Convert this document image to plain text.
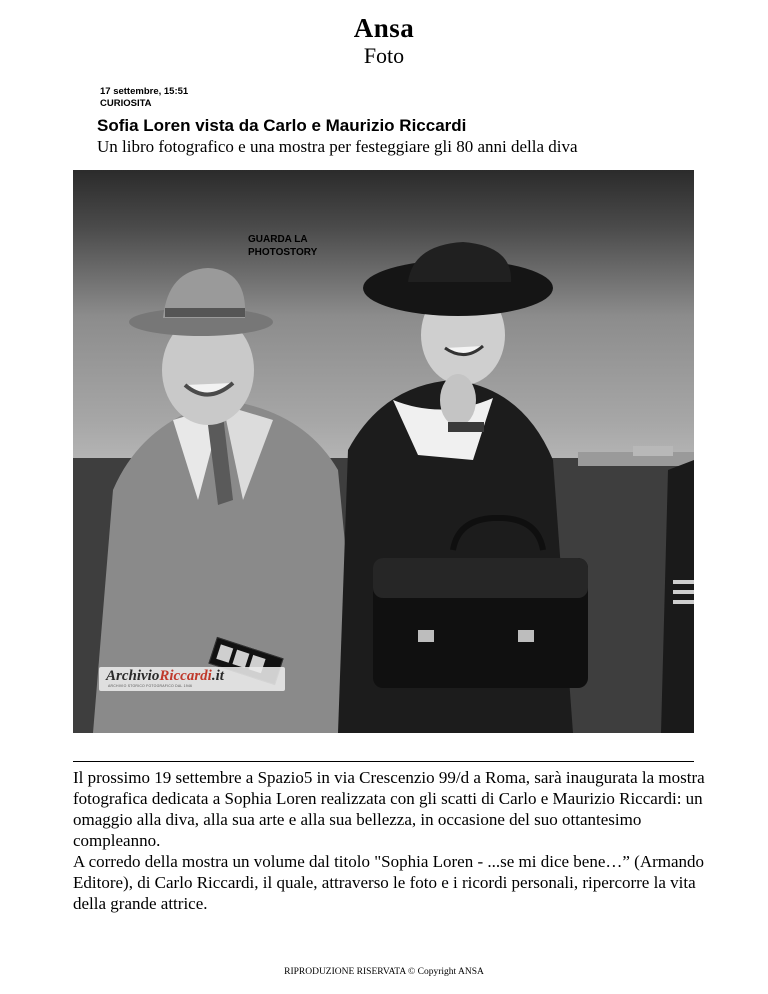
Ansa
Foto
17 settembre, 15:51
CURIOSITA
Sofia Loren vista da Carlo e Maurizio Riccardi
Un libro fotografico e una mostra per festeggiare gli 80 anni della diva
GUARDA LA
PHOTOSTORY
ArchivioRiccardi.it
ARCHIVIO STORICO FOTOGRAFICO DAL 1946

Il prossimo 19 settembre a Spazio5 in via Crescenzio 99/d a Roma, sarà inaugurata la mostra fotografica dedicata a Sophia Loren realizzata con gli scatti di Carlo e Maurizio Riccardi: un omaggio alla diva, alla sua arte e alla sua bellezza, in occasione del suo ottantesimo compleanno.

A corredo della mostra un volume dal titolo "Sophia Loren - ...se mi dice bene…” (Armando Editore), di Carlo Riccardi, il quale, attraverso le foto e i ricordi personali, ripercorre la vita della grande attrice.

RIPRODUZIONE RISERVATA © Copyright ANSA
